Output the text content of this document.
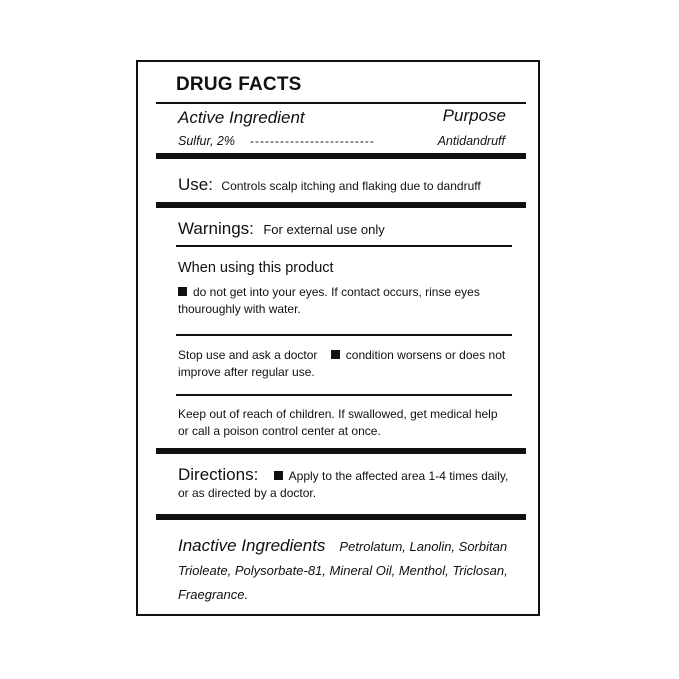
DRUG FACTS
Active Ingredient	Purpose
Sulfur, 2% -------------------------	Antidandruff
Use: Controls scalp itching and flaking due to dandruff
Warnings: For external use only
When using this product
do not get into your eyes. If contact occurs, rinse eyes thouroughly with water.
Stop use and ask a doctor condition worsens or does not improve after regular use.
Keep out of reach of children. If swallowed, get medical help or call a poison control center at once.
Directions:	Apply to the affected area 1-4 times daily, or as directed by a doctor.
Inactive Ingredients Petrolatum, Lanolin, Sorbitan Trioleate, Polysorbate-81, Mineral Oil, Menthol, Triclosan, Fraegrance.
